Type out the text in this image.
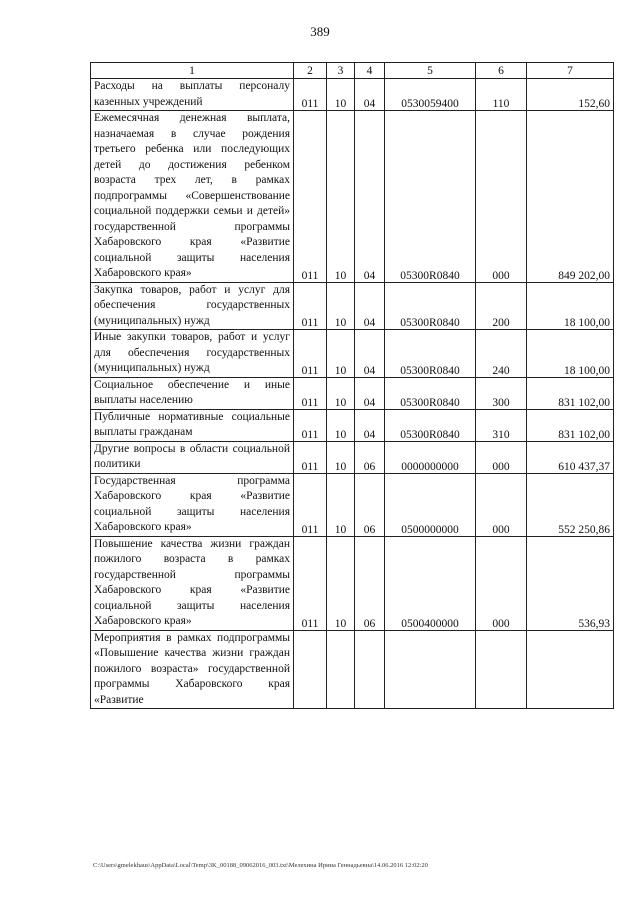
389
1	2	3	4	5	6	7
Расходы на выплаты персоналу казенных учреждений	011	10	04	0530059400	110	152,60
Ежемесячная денежная выплата, назначаемая в случае рождения третьего ребенка или последующих детей до достижения ребенком возраста трех лет, в рамках подпрограммы «Совершенствование социальной поддержки семьи и детей» государственной программы Хабаровского края «Развитие социальной защиты населения Хабаровского края»	011	10	04	05300R0840	000	849 202,00
Закупка товаров, работ и услуг для обеспечения государственных (муниципальных) нужд	011	10	04	05300R0840	200	18 100,00
Иные закупки товаров, работ и услуг для обеспечения государственных (муниципальных) нужд	011	10	04	05300R0840	240	18 100,00
Социальное обеспечение и иные выплаты населению	011	10	04	05300R0840	300	831 102,00
Публичные нормативные социальные выплаты гражданам	011	10	04	05300R0840	310	831 102,00
Другие вопросы в области социальной политики	011	10	06	0000000000	000	610 437,37
Государственная программа Хабаровского края «Развитие социальной защиты населения Хабаровского края»	011	10	06	0500000000	000	552 250,86
Повышение качества жизни граждан пожилого возраста в рамках государственной программы Хабаровского края «Развитие социальной защиты населения Хабаровского края»	011	10	06	0500400000	000	536,93
Мероприятия в рамках подпрограммы «Повышение качества жизни граждан пожилого возраста» государственной программы Хабаровского края «Развитие						
C:\Users\gmelekhaus\AppData\Local\Temp\3K_00188_09062016_003.txt\Мелехина Ирина Геннадьевна\14.06.2016 12:02:20
